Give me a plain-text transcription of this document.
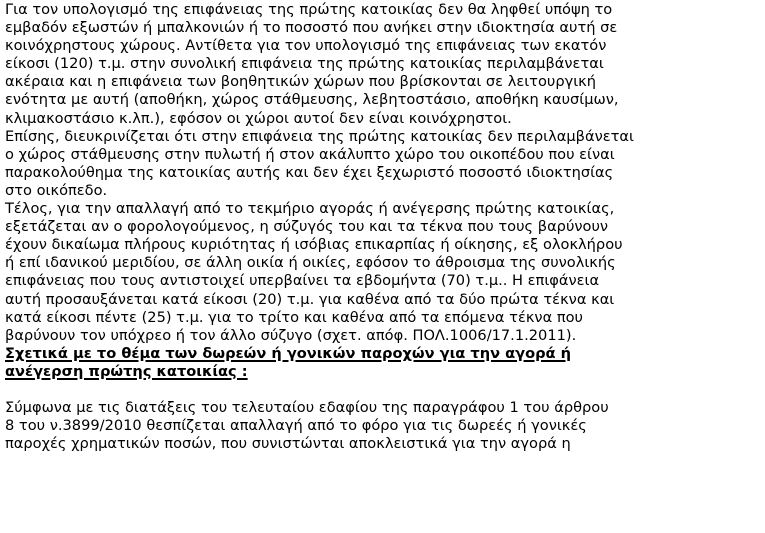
Για τον υπολογισμό της επιφάνειας της πρώτης κατοικίας δεν θα ληφθεί υπόψη το
εμβαδόν εξωστών ή μπαλκονιών ή το ποσοστό που ανήκει στην ιδιοκτησία αυτή σε
κοινόχρηστους χώρους. Αντίθετα για τον υπολογισμό της επιφάνειας των εκατόν
είκοσι (120) τ.μ. στην συνολική επιφάνεια της πρώτης κατοικίας περιλαμβάνεται
ακέραια και η επιφάνεια των βοηθητικών χώρων που βρίσκονται σε λειτουργική
ενότητα με αυτή (αποθήκη, χώρος στάθμευσης, λεβητοστάσιο, αποθήκη καυσίμων,
κλιμακοστάσιο κ.λπ.), εφόσον οι χώροι αυτοί δεν είναι κοινόχρηστοι.

Επίσης, διευκρινίζεται ότι στην επιφάνεια της πρώτης κατοικίας δεν περιλαμβάνεται
ο χώρος στάθμευσης στην πυλωτή ή στον ακάλυπτο χώρο του οικοπέδου που είναι
παρακολούθημα της κατοικίας αυτής και δεν έχει ξεχωριστό ποσοστό ιδιοκτησίας
στο οικόπεδο.

Τέλος, για την απαλλαγή από το τεκμήριο αγοράς ή ανέγερσης πρώτης κατοικίας,
εξετάζεται αν ο φορολογούμενος, η σύζυγός του και τα τέκνα που τους βαρύνουν
έχουν δικαίωμα πλήρους κυριότητας ή ισόβιας επικαρπίας ή οίκησης, εξ ολοκλήρου
ή επί ιδανικού μεριδίου, σε άλλη οικία ή οικίες, εφόσον το άθροισμα της συνολικής
επιφάνειας που τους αντιστοιχεί υπερβαίνει τα εβδομήντα (70) τ.μ.. Η επιφάνεια
αυτή προσαυξάνεται κατά είκοσι (20) τ.μ. για καθένα από τα δύο πρώτα τέκνα και
κατά είκοσι πέντε (25) τ.μ. για το τρίτο και καθένα από τα επόμενα τέκνα που
βαρύνουν τον υπόχρεο ή τον άλλο σύζυγο (σχετ. απόφ. ΠΟΛ.1006/17.1.2011).

Σχετικά με το θέμα των δωρεών ή γονικών παροχών για την αγορά ή
ανέγερση πρώτης κατοικίας :

Σύμφωνα με τις διατάξεις του τελευταίου εδαφίου της παραγράφου 1 του άρθρου
8 του ν.3899/2010 θεσπίζεται απαλλαγή από το φόρο για τις δωρεές ή γονικές
παροχές χρηματικών ποσών, που συνιστώνται αποκλειστικά για την αγορά η
